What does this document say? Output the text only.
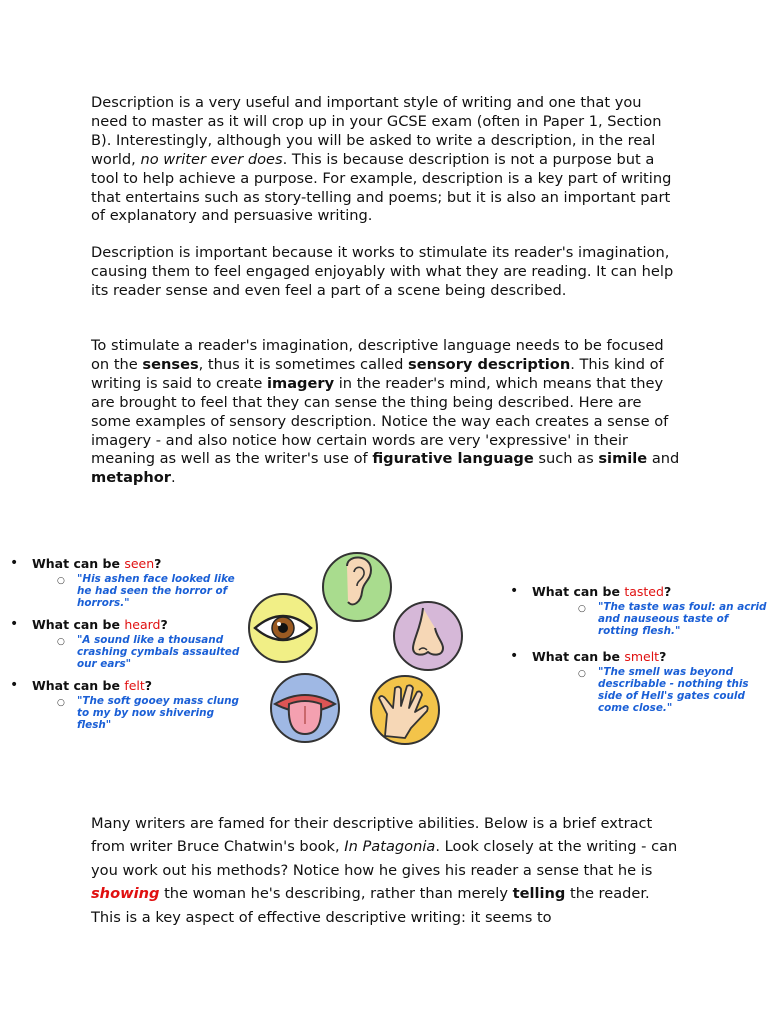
Description is a very useful and important style of writing and one that you need to master as it will crop up in your GCSE exam (often in Paper 1, Section B). Interestingly, although you will be asked to write a description, in the real world, no writer ever does. This is because description is not a purpose but a tool to help achieve a purpose. For example, description is a key part of writing that entertains such as story-telling and poems; but it is also an important part of explanatory and persuasive writing.

Description is important because it works to stimulate its reader's imagination, causing them to feel engaged enjoyably with what they are reading. It can help its reader sense and even feel a part of a scene being described.

To stimulate a reader's imagination, descriptive language needs to be focused on the senses, thus it is sometimes called sensory description. This kind of writing is said to create imagery in the reader's mind, which means that they are brought to feel that they can sense the thing being described. Here are some examples of sensory description. Notice the way each creates a sense of imagery - and also notice how certain words are very 'expressive' in their meaning as well as the writer's use of figurative language such as simile and metaphor.

• What can be seen?
○ "His ashen face looked like he had seen the horror of horrors."
• What can be heard?
○ "A sound like a thousand crashing cymbals assaulted our ears"
• What can be felt?
○ "The soft gooey mass clung to my by now shivering flesh"
• What can be tasted?
○ "The taste was foul: an acrid and nauseous taste of rotting flesh."
• What can be smelt?
○ "The smell was beyond describable - nothing this side of Hell's gates could come close."

Many writers are famed for their descriptive abilities. Below is a brief extract from writer Bruce Chatwin's book, In Patagonia. Look closely at the writing - can you work out his methods? Notice how he gives his reader a sense that he is showing the woman he's describing, rather than merely telling the reader. This is a key aspect of effective descriptive writing: it seems to
